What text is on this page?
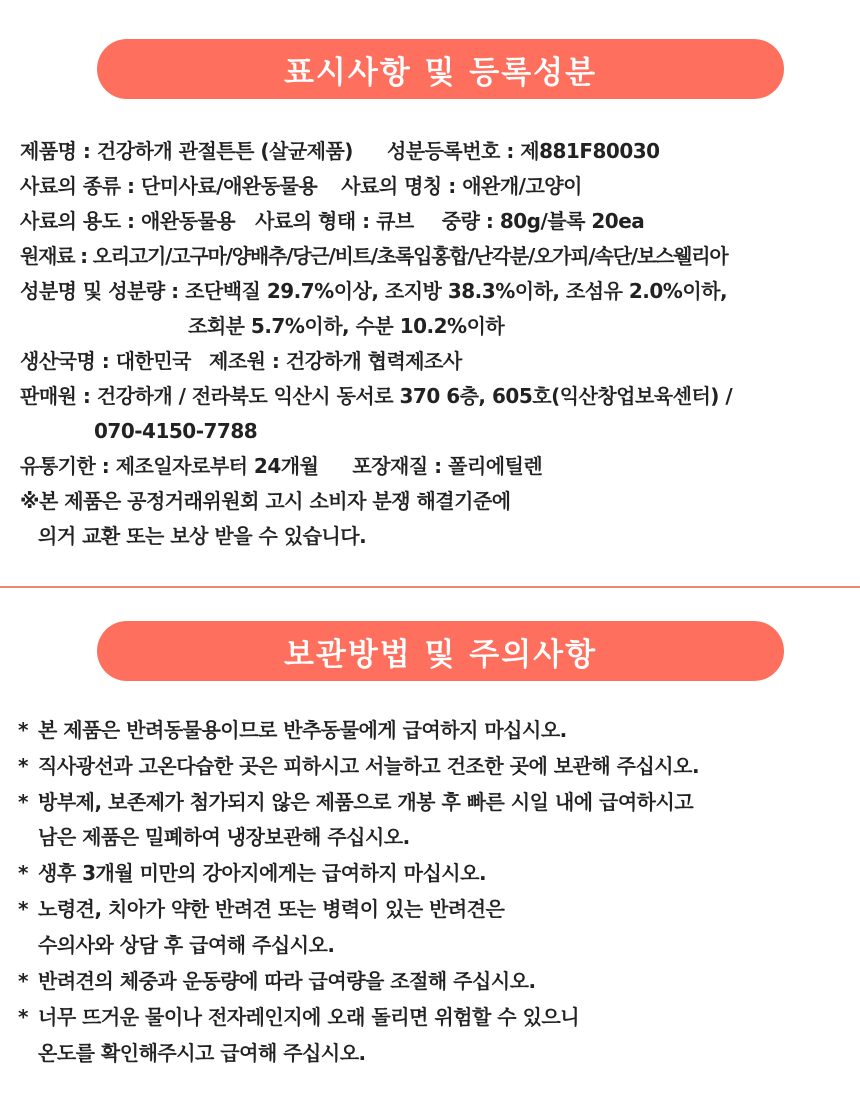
표시사항 및 등록성분
제품명 : 건강하개 관절튼튼 (살균제품) 성분등록번호 : 제881F80030
사료의 종류 : 단미사료/애완동물용 사료의 명칭 : 애완개/고양이
사료의 용도 : 애완동물용 사료의 형태 : 큐브 중량 : 80g/블록 20ea
원재료 : 오리고기/고구마/양배추/당근/비트/초록입홍합/난각분/오가피/속단/보스웰리아
성분명 및 성분량 : 조단백질 29.7%이상, 조지방 38.3%이하, 조섬유 2.0%이하,
조회분 5.7%이하, 수분 10.2%이하
생산국명 : 대한민국 제조원 : 건강하개 협력제조사
판매원 : 건강하개 / 전라북도 익산시 동서로 370 6층, 605호(익산창업보육센터) /
070-4150-7788
유통기한 : 제조일자로부터 24개월 포장재질 : 폴리에틸렌
※본 제품은 공정거래위원회 고시 소비자 분쟁 해결기준에
의거 교환 또는 보상 받을 수 있습니다.
보관방법 및 주의사항
* 본 제품은 반려동물용이므로 반추동물에게 급여하지 마십시오.
* 직사광선과 고온다습한 곳은 피하시고 서늘하고 건조한 곳에 보관해 주십시오.
* 방부제, 보존제가 첨가되지 않은 제품으로 개봉 후 빠른 시일 내에 급여하시고
남은 제품은 밀폐하여 냉장보관해 주십시오.
* 생후 3개월 미만의 강아지에게는 급여하지 마십시오.
* 노령견, 치아가 약한 반려견 또는 병력이 있는 반려견은
수의사와 상담 후 급여해 주십시오.
* 반려견의 체중과 운동량에 따라 급여량을 조절해 주십시오.
* 너무 뜨거운 물이나 전자레인지에 오래 돌리면 위험할 수 있으니
온도를 확인해주시고 급여해 주십시오.
